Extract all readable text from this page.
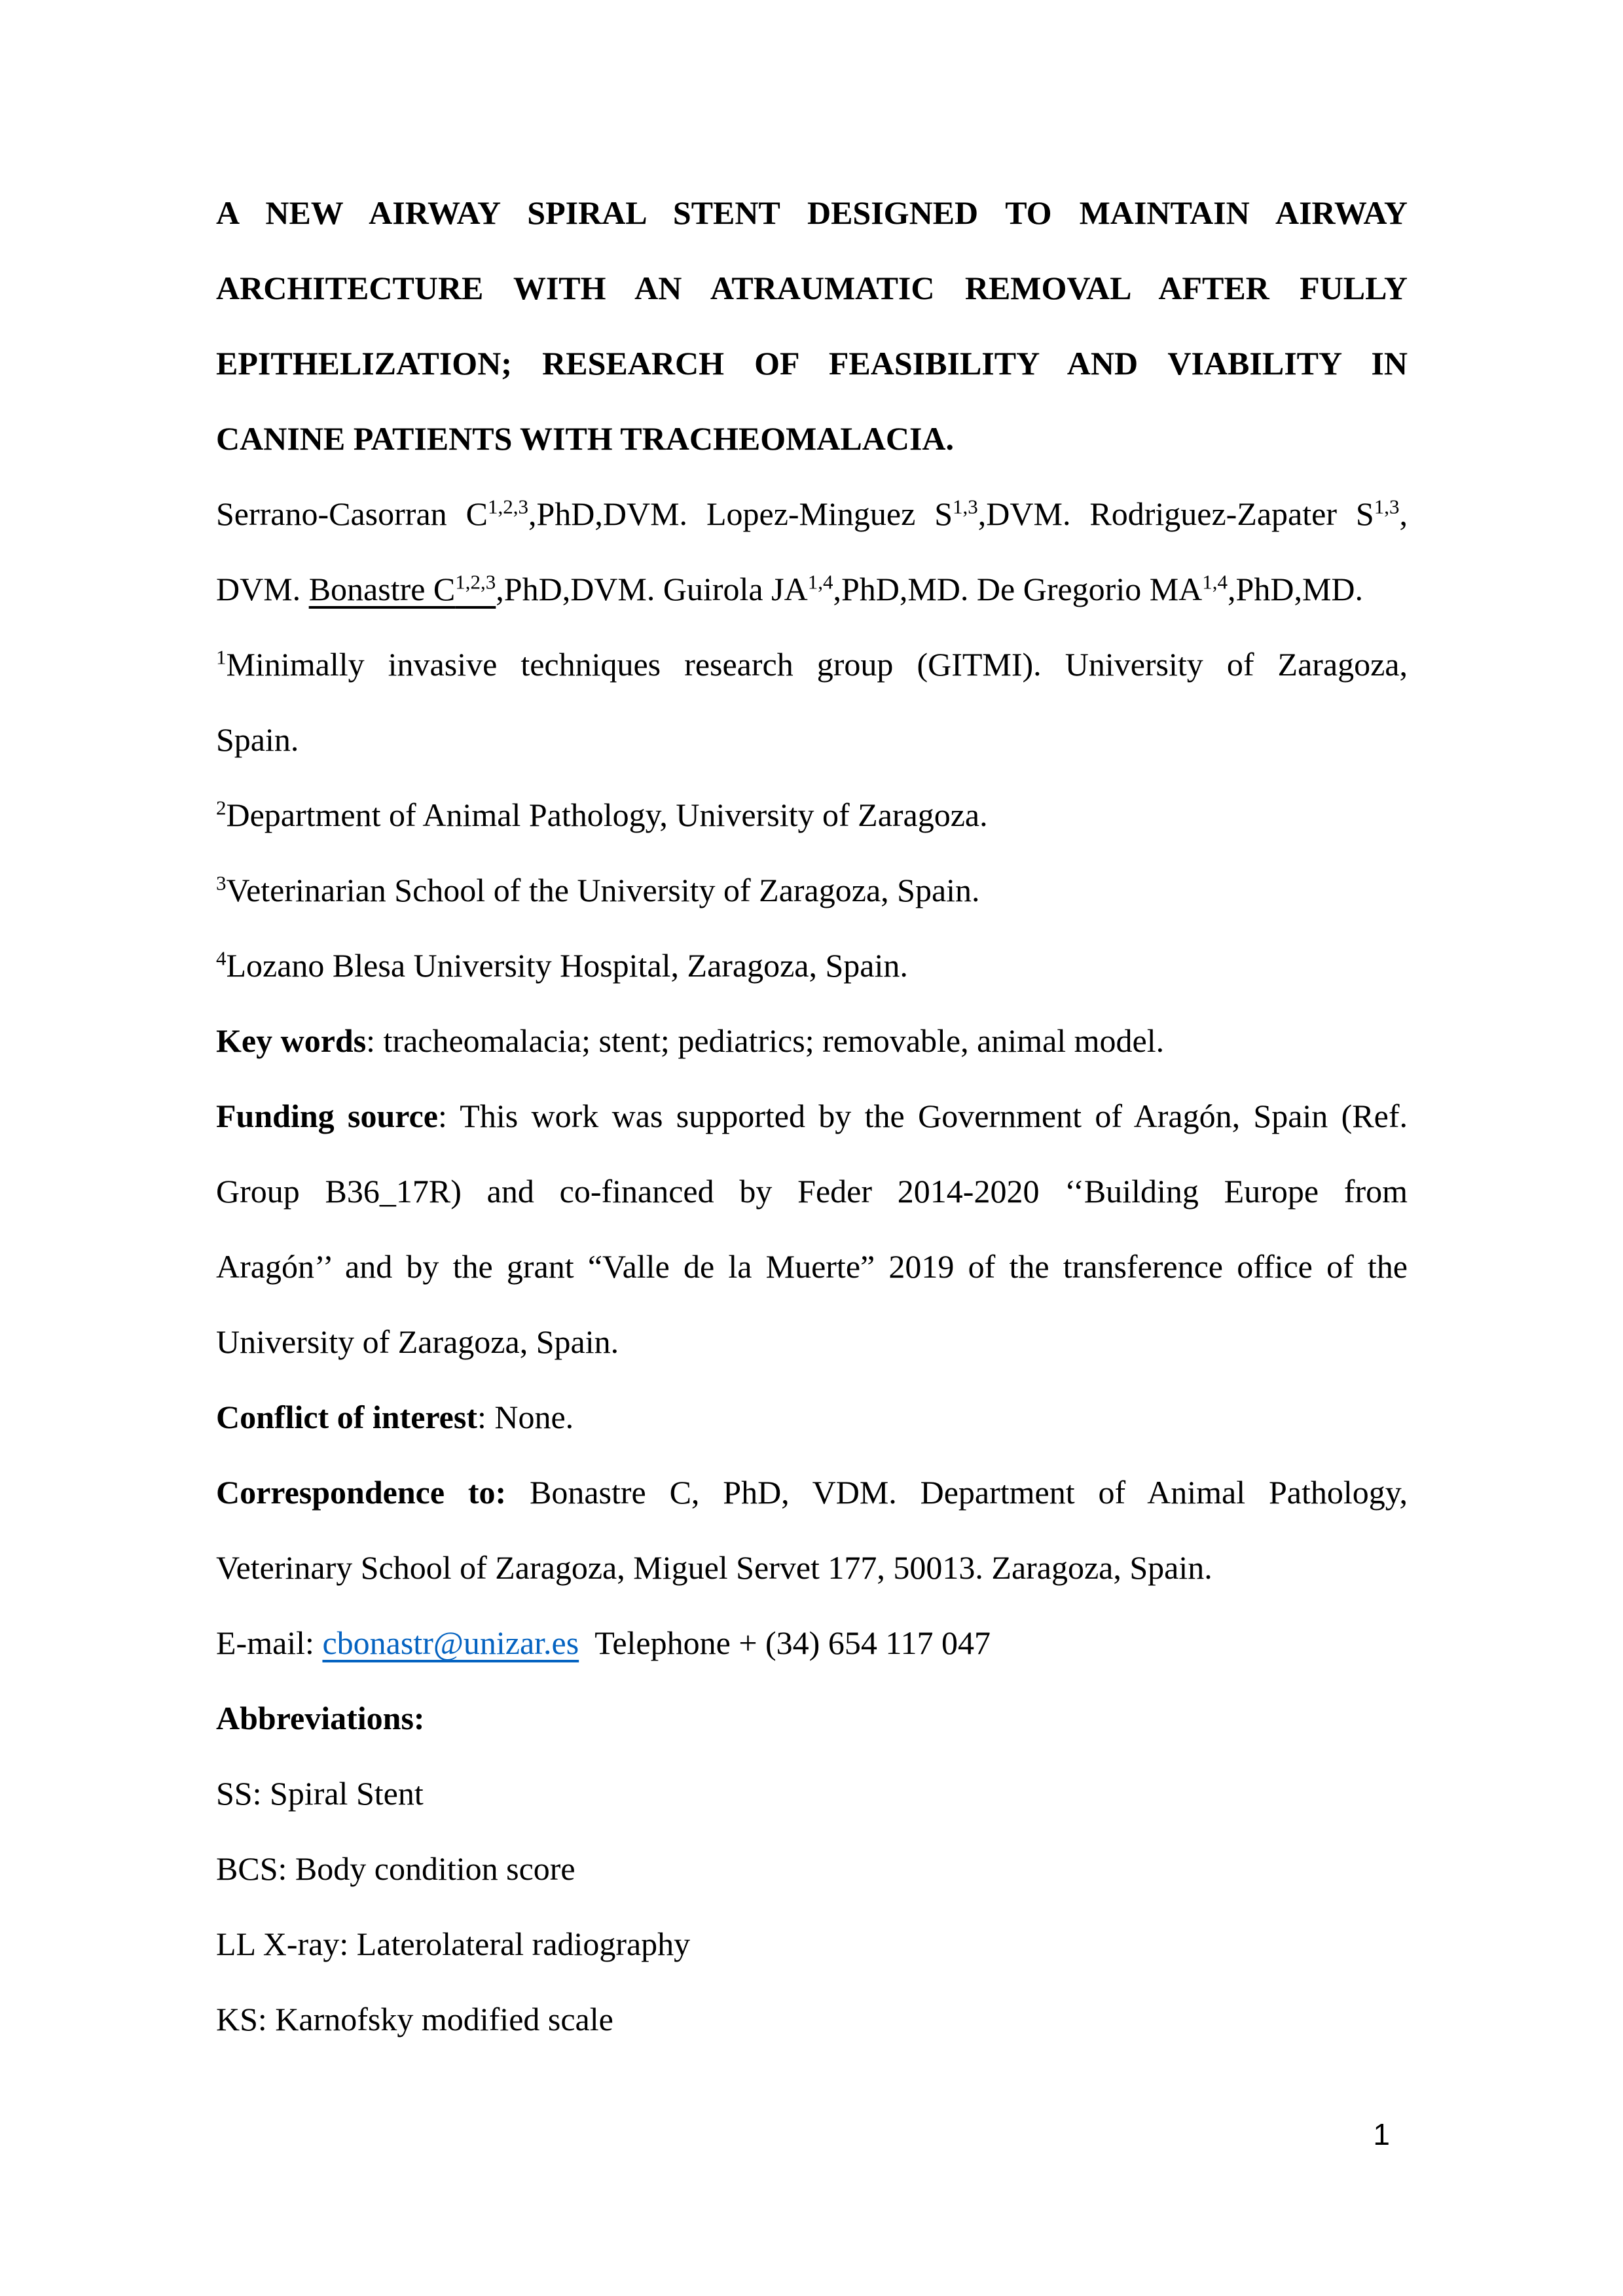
A NEW AIRWAY SPIRAL STENT DESIGNED TO MAINTAIN AIRWAY
ARCHITECTURE WITH AN ATRAUMATIC REMOVAL AFTER FULLY
EPITHELIZATION; RESEARCH OF FEASIBILITY AND VIABILITY IN
CANINE PATIENTS WITH TRACHEOMALACIA.
Serrano-Casorran C$^{1,2,3}$,PhD,DVM. Lopez-Minguez S$^{1,3}$,DVM. Rodriguez-Zapater S$^{1,3}$,
DVM. Bonastre C$^{1,2,3}$,PhD,DVM. Guirola JA$^{1,4}$,PhD,MD. De Gregorio MA$^{1,4}$,PhD,MD.
$^1$Minimally invasive techniques research group (GITMI). University of Zaragoza,
Spain.
$^2$Department of Animal Pathology, University of Zaragoza.
$^3$Veterinarian School of the University of Zaragoza, Spain.
$^4$Lozano Blesa University Hospital, Zaragoza, Spain.
Key words: tracheomalacia; stent; pediatrics; removable, animal model.
Funding source: This work was supported by the Government of Aragón, Spain (Ref.
Group B36_17R) and co-financed by Feder 2014-2020 ‘‘Building Europe from
Aragón’’ and by the grant “Valle de la Muerte” 2019 of the transference office of the
University of Zaragoza, Spain.
Conflict of interest: None.
Correspondence to: Bonastre C, PhD, VDM. Department of Animal Pathology,
Veterinary School of Zaragoza, Miguel Servet 177, 50013. Zaragoza, Spain.
E-mail: cbonastr@unizar.es  Telephone + (34) 654 117 047
Abbreviations:
SS: Spiral Stent
BCS: Body condition score
LL X-ray: Laterolateral radiography
KS: Karnofsky modified scale
1
